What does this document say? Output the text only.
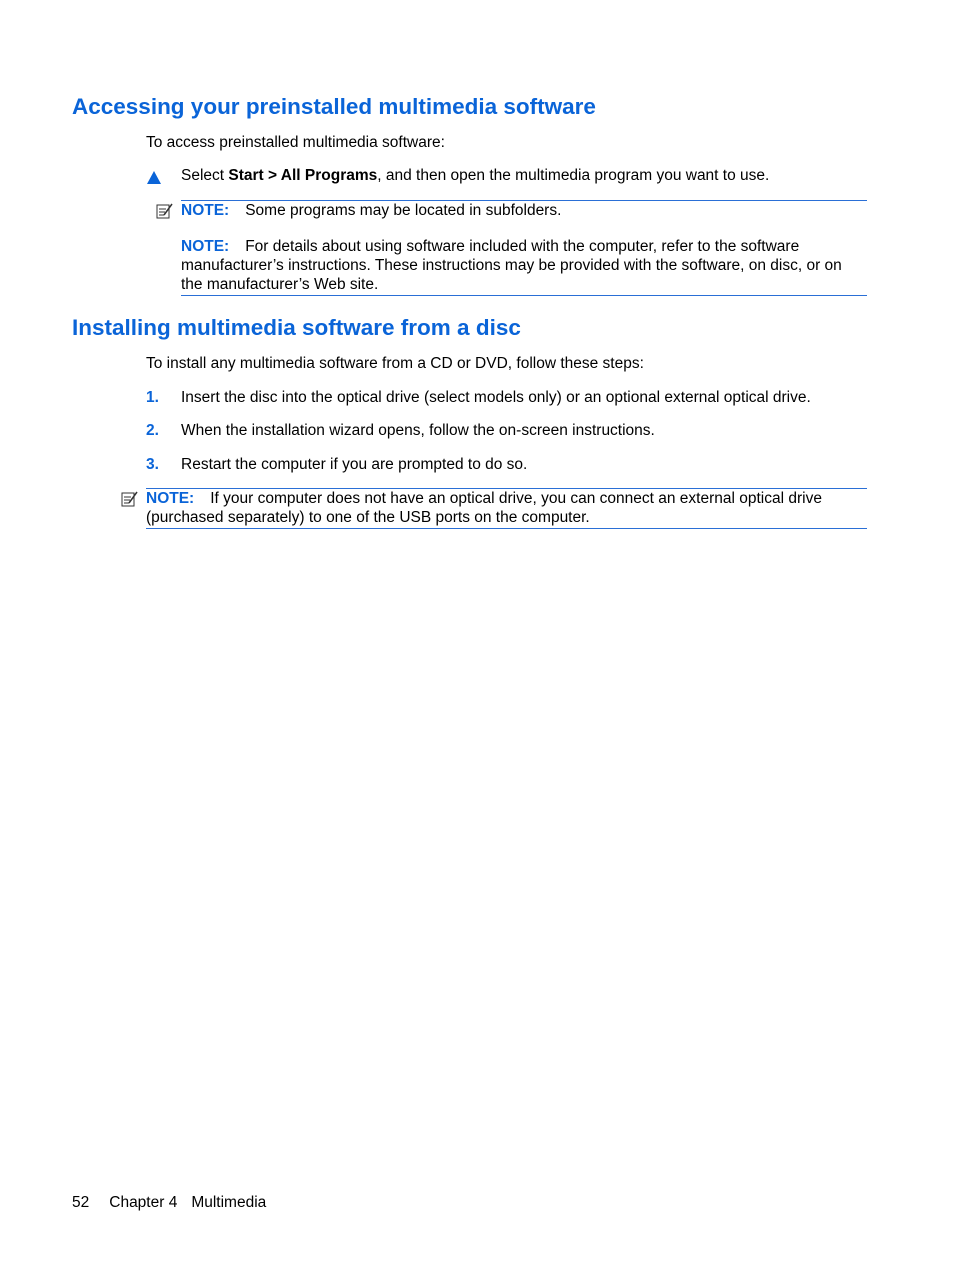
Accessing your preinstalled multimedia software

To access preinstalled multimedia software:

Select Start > All Programs, and then open the multimedia program you want to use.

NOTE: Some programs may be located in subfolders.

NOTE: For details about using software included with the computer, refer to the software
manufacturer’s instructions. These instructions may be provided with the software, on disc, or on
the manufacturer’s Web site.
Installing multimedia software from a disc

To install any multimedia software from a CD or DVD, follow these steps:

1. Insert the disc into the optical drive (select models only) or an optional external optical drive.

2. When the installation wizard opens, follow the on-screen instructions.

3. Restart the computer if you are prompted to do so.

NOTE: If your computer does not have an optical drive, you can connect an external optical drive
(purchased separately) to one of the USB ports on the computer.
52 Chapter 4 Multimedia
